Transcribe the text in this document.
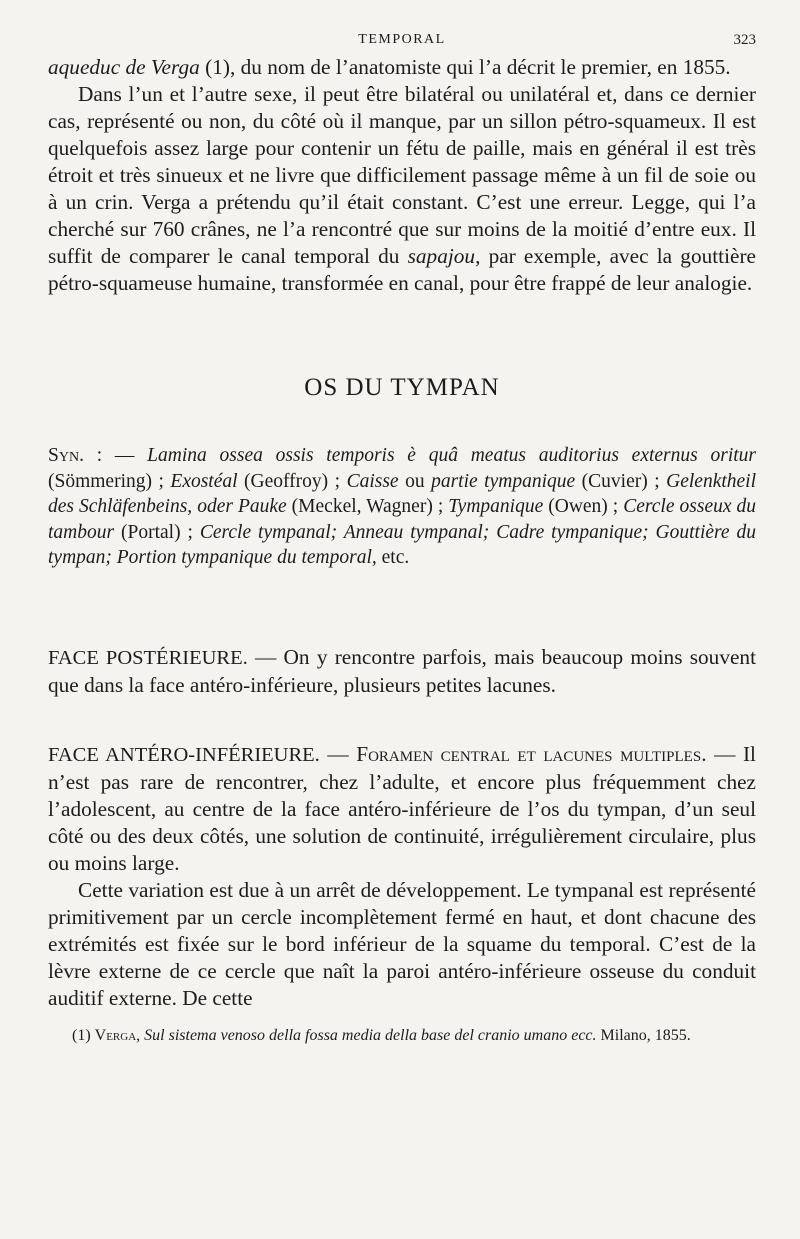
TEMPORAL	323

aqueduc de Verga (1), du nom de l’anatomiste qui l’a décrit le premier, en 1855.

Dans l’un et l’autre sexe, il peut être bilatéral ou unilatéral et, dans ce dernier cas, représenté ou non, du côté où il manque, par un sillon pétro-squameux. Il est quelquefois assez large pour contenir un fétu de paille, mais en général il est très étroit et très sinueux et ne livre que difficilement passage même à un fil de soie ou à un crin. Verga a prétendu qu’il était constant. C’est une erreur. Legge, qui l’a cherché sur 760 crânes, ne l’a rencontré que sur moins de la moitié d’entre eux. Il suffit de comparer le canal temporal du sapajou, par exemple, avec la gouttière pétro-squameuse humaine, transformée en canal, pour être frappé de leur analogie.

OS DU TYMPAN

Syn. : — Lamina ossea ossis temporis è quâ meatus auditorius externus oritur (Sömmering) ; Exostéal (Geoffroy) ; Caisse ou partie tympanique (Cuvier) ; Gelenktheil des Schläfenbeins, oder Pauke (Meckel, Wagner) ; Tympanique (Owen) ; Cercle osseux du tambour (Portal) ; Cercle tympanal; Anneau tympanal; Cadre tympanique; Gouttière du tympan; Portion tympanique du temporal, etc.

FACE POSTÉRIEURE. — On y rencontre parfois, mais beaucoup moins souvent que dans la face antéro-inférieure, plusieurs petites lacunes.

FACE ANTÉRO-INFÉRIEURE. — Foramen central et lacunes multiples. — Il n’est pas rare de rencontrer, chez l’adulte, et encore plus fréquemment chez l’adolescent, au centre de la face antéro-inférieure de l’os du tympan, d’un seul côté ou des deux côtés, une solution de continuité, irrégulièrement circulaire, plus ou moins large.

Cette variation est due à un arrêt de développement. Le tympanal est représenté primitivement par un cercle incomplètement fermé en haut, et dont chacune des extrémités est fixée sur le bord inférieur de la squame du temporal. C’est de la lèvre externe de ce cercle que naît la paroi antéro-inférieure osseuse du conduit auditif externe. De cette

(1) Verga, Sul sistema venoso della fossa media della base del cranio umano ecc. Milano, 1855.
